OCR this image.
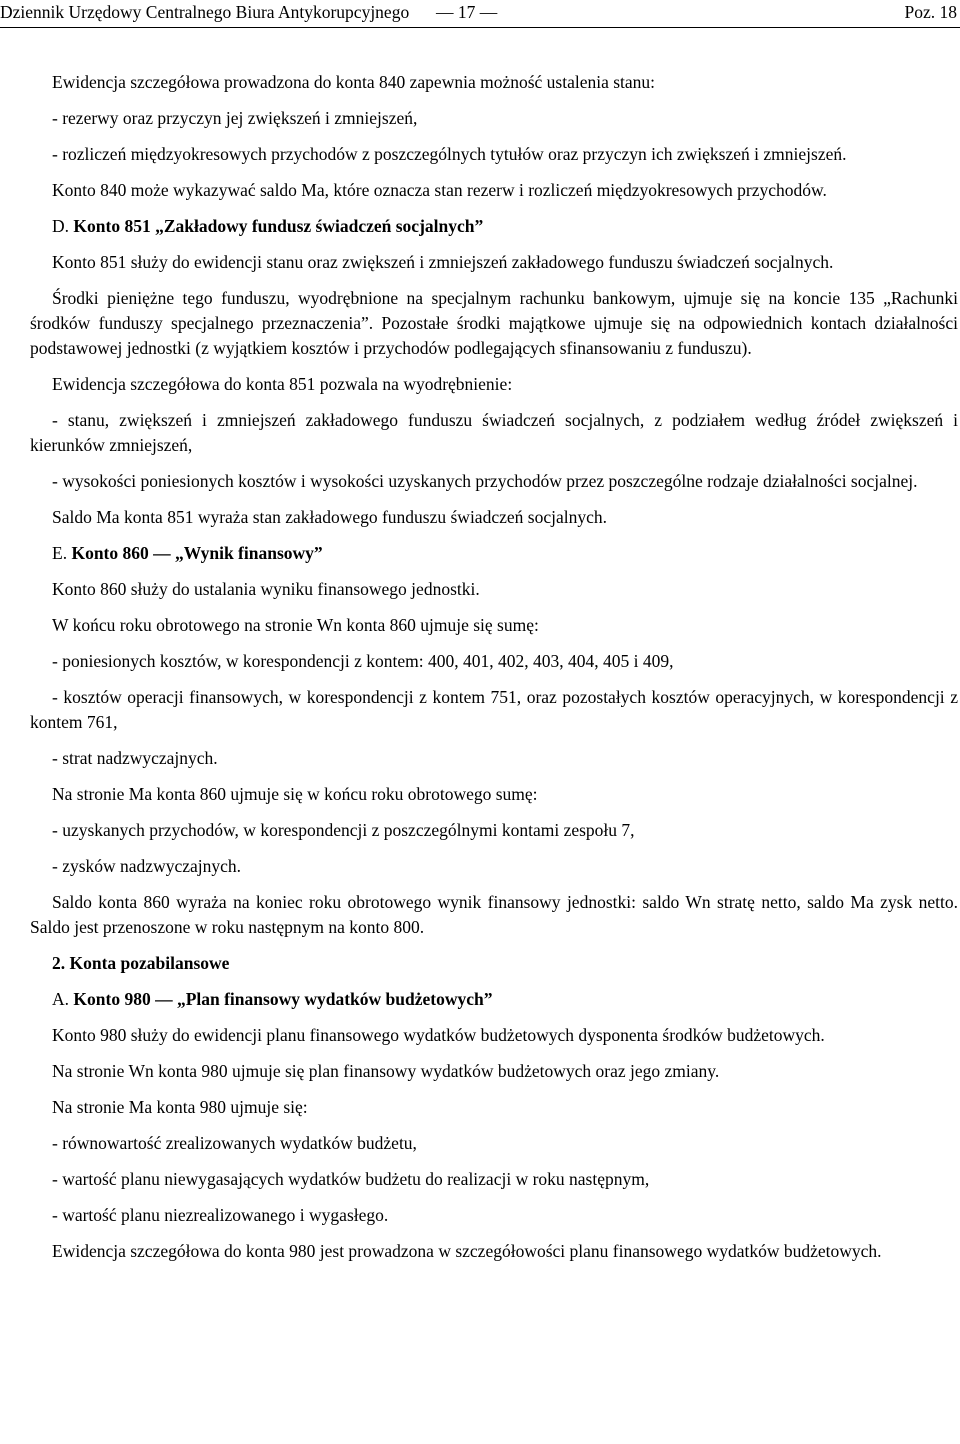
Dziennik Urzędowy Centralnego Biura Antykorupcyjnego — 17 —	Poz. 18

Ewidencja szczegółowa prowadzona do konta 840 zapewnia możność ustalenia stanu:

- rezerwy oraz przyczyn jej zwiększeń i zmniejszeń,

- rozliczeń międzyokresowych przychodów z poszczególnych tytułów oraz przyczyn ich zwiększeń i zmniejszeń.

Konto 840 może wykazywać saldo Ma, które oznacza stan rezerw i rozliczeń międzyokresowych przychodów.

D. Konto 851 „Zakładowy fundusz świadczeń socjalnych”

Konto 851 służy do ewidencji stanu oraz zwiększeń i zmniejszeń zakładowego funduszu świadczeń socjalnych.

Środki pieniężne tego funduszu, wyodrębnione na specjalnym rachunku bankowym, ujmuje się na koncie 135 „Rachunki środków funduszy specjalnego przeznaczenia”. Pozostałe środki majątkowe ujmuje się na odpowiednich kontach działalności podstawowej jednostki (z wyjątkiem kosztów i przychodów podlegających sfinansowaniu z funduszu).

Ewidencja szczegółowa do konta 851 pozwala na wyodrębnienie:

- stanu, zwiększeń i zmniejszeń zakładowego funduszu świadczeń socjalnych, z podziałem według źródeł zwiększeń i kierunków zmniejszeń,

- wysokości poniesionych kosztów i wysokości uzyskanych przychodów przez poszczególne rodzaje działalności socjalnej.

Saldo Ma konta 851 wyraża stan zakładowego funduszu świadczeń socjalnych.

E. Konto 860 — „Wynik finansowy”

Konto 860 służy do ustalania wyniku finansowego jednostki.

W końcu roku obrotowego na stronie Wn konta 860 ujmuje się sumę:

- poniesionych kosztów, w korespondencji z kontem: 400, 401, 402, 403, 404, 405 i 409,

- kosztów operacji finansowych, w korespondencji z kontem 751, oraz pozostałych kosztów operacyjnych, w korespondencji z kontem 761,

- strat nadzwyczajnych.

Na stronie Ma konta 860 ujmuje się w końcu roku obrotowego sumę:

- uzyskanych przychodów, w korespondencji z poszczególnymi kontami zespołu 7,

- zysków nadzwyczajnych.

Saldo konta 860 wyraża na koniec roku obrotowego wynik finansowy jednostki: saldo Wn stratę netto, saldo Ma zysk netto. Saldo jest przenoszone w roku następnym na konto 800.

2. Konta pozabilansowe

A. Konto 980 — „Plan finansowy wydatków budżetowych”

Konto 980 służy do ewidencji planu finansowego wydatków budżetowych dysponenta środków budżetowych.

Na stronie Wn konta 980 ujmuje się plan finansowy wydatków budżetowych oraz jego zmiany.

Na stronie Ma konta 980 ujmuje się:

- równowartość zrealizowanych wydatków budżetu,

- wartość planu niewygasających wydatków budżetu do realizacji w roku następnym,

- wartość planu niezrealizowanego i wygasłego.

Ewidencja szczegółowa do konta 980 jest prowadzona w szczegółowości planu finansowego wydatków budżetowych.
